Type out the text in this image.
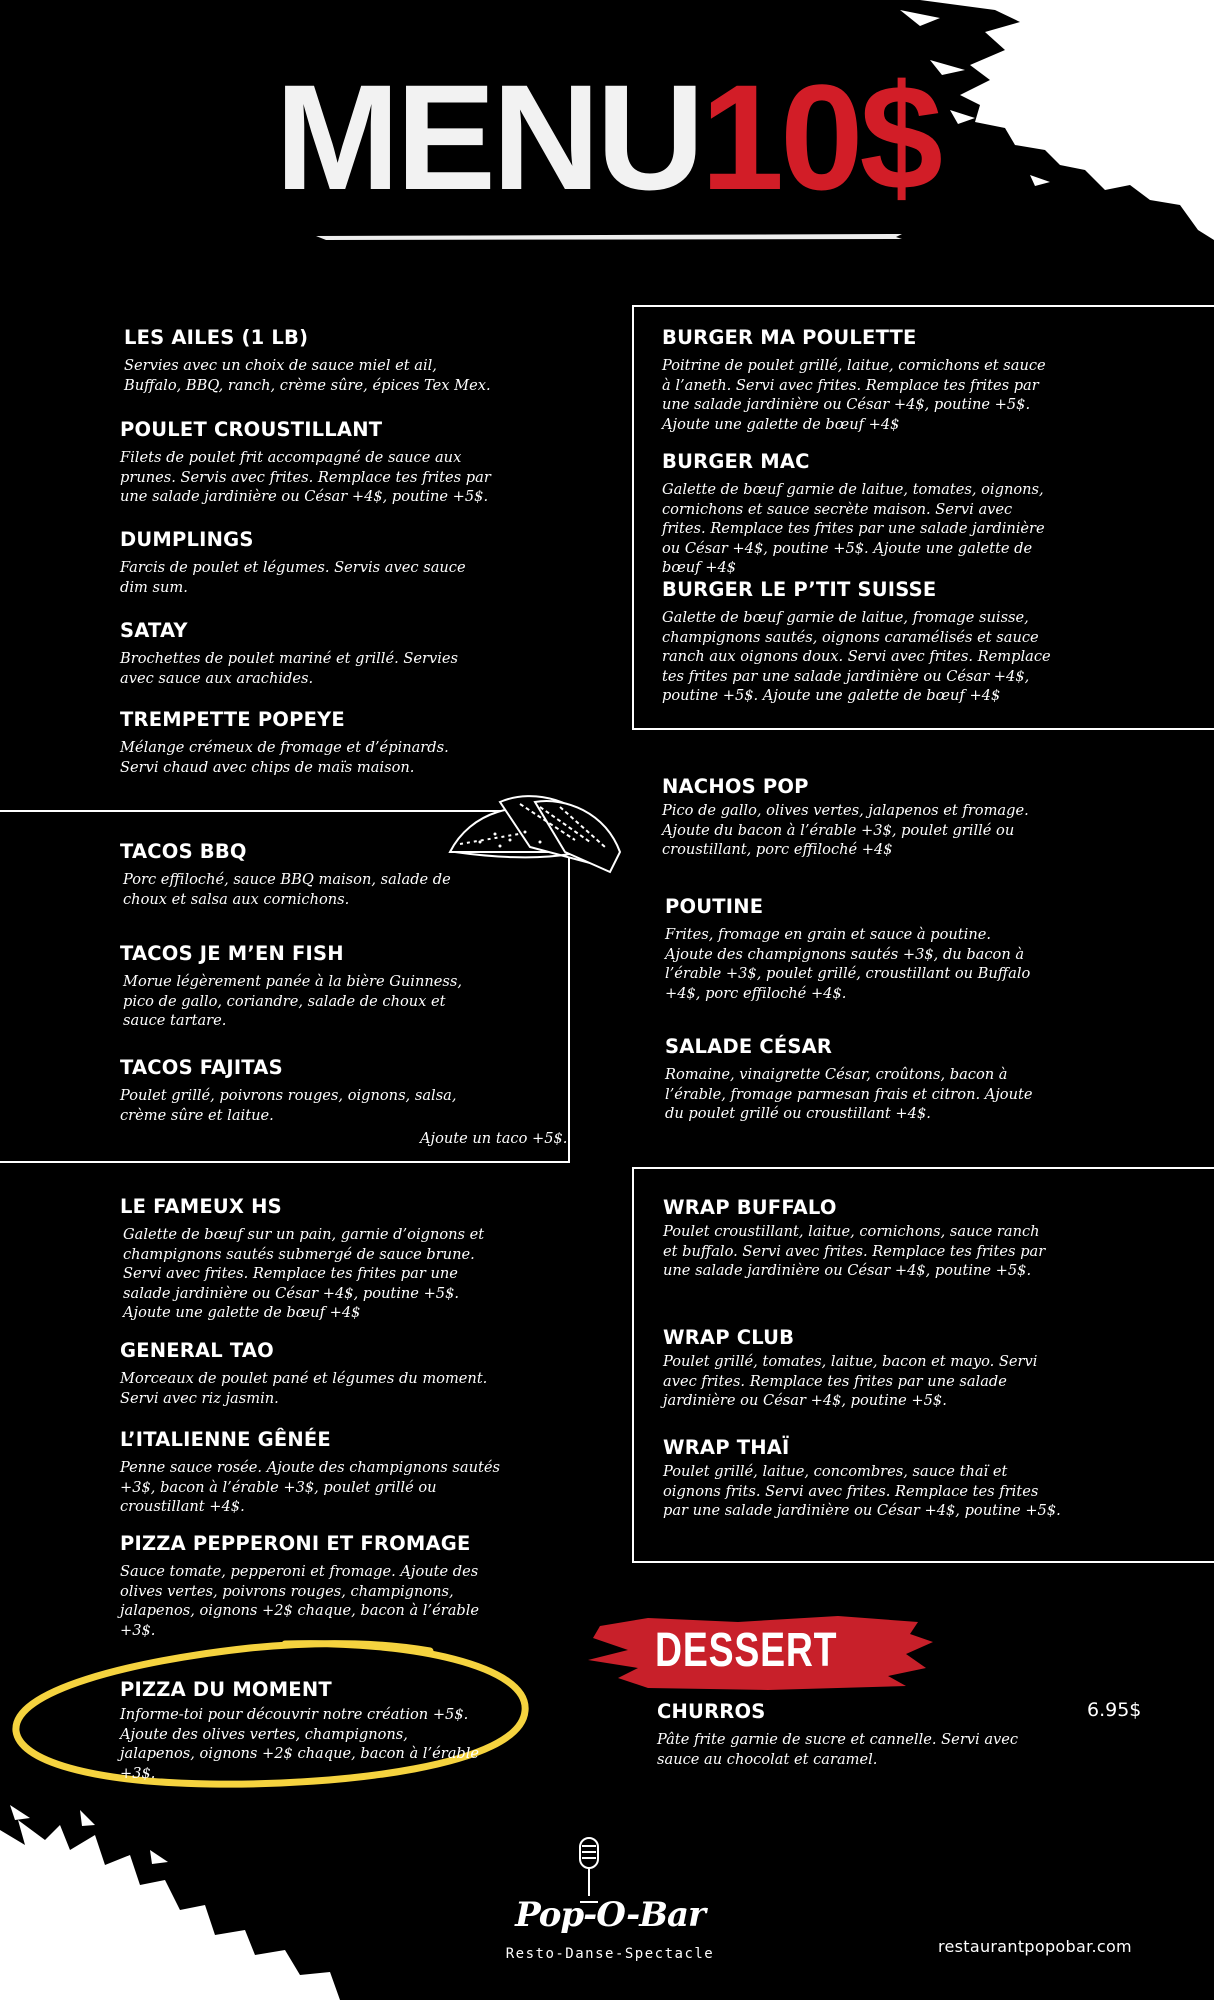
MENU10$
LES AILES (1 LB)

Servies avec un choix de sauce miel et ail, Buffalo, BBQ, ranch, crème sûre, épices Tex Mex.

POULET CROUSTILLANT

Filets de poulet frit accompagné de sauce aux prunes. Servis avec frites. Remplace tes frites par une salade jardinière ou César +4$, poutine +5$.

DUMPLINGS

Farcis de poulet et légumes. Servis avec sauce dim sum.

SATAY

Brochettes de poulet mariné et grillé. Servies avec sauce aux arachides.

TREMPETTE POPEYE

Mélange crémeux de fromage et d’épinards. Servi chaud avec chips de maïs maison.

TACOS BBQ

Porc effiloché, sauce BBQ maison, salade de choux et salsa aux cornichons.

TACOS JE M’EN FISH

Morue légèrement panée à la bière Guinness, pico de gallo, coriandre, salade de choux et sauce tartare.

TACOS FAJITAS

Poulet grillé, poivrons rouges, oignons, salsa, crème sûre et laitue.

Ajoute un taco +5$.
LE FAMEUX HS

Galette de bœuf sur un pain, garnie d’oignons et champignons sautés submergé de sauce brune. Servi avec frites. Remplace tes frites par une salade jardinière ou César +4$, poutine +5$. Ajoute une galette de bœuf +4$

GENERAL TAO

Morceaux de poulet pané et légumes du moment. Servi avec riz jasmin.

L’ITALIENNE GÊNÉE

Penne sauce rosée. Ajoute des champignons sautés +3$, bacon à l’érable +3$, poulet grillé ou croustillant +4$.

PIZZA PEPPERONI ET FROMAGE

Sauce tomate, pepperoni et fromage. Ajoute des olives vertes, poivrons rouges, champignons, jalapenos, oignons +2$ chaque, bacon à l’érable +3$.

PIZZA DU MOMENT

Informe-toi pour découvrir notre création +5$. Ajoute des olives vertes, champignons, jalapenos, oignons +2$ chaque, bacon à l’érable +3$.

BURGER MA POULETTE

Poitrine de poulet grillé, laitue, cornichons et sauce à l’aneth. Servi avec frites. Remplace tes frites par une salade jardinière ou César +4$, poutine +5$. Ajoute une galette de bœuf +4$

BURGER MAC

Galette de bœuf garnie de laitue, tomates, oignons, cornichons et sauce secrète maison. Servi avec frites. Remplace tes frites par une salade jardinière ou César +4$, poutine +5$. Ajoute une galette de bœuf +4$

BURGER LE P’TIT SUISSE

Galette de bœuf garnie de laitue, fromage suisse, champignons sautés, oignons caramélisés et sauce ranch aux oignons doux. Servi avec frites. Remplace tes frites par une salade jardinière ou César +4$, poutine +5$. Ajoute une galette de bœuf +4$

NACHOS POP

Pico de gallo, olives vertes, jalapenos et fromage. Ajoute du bacon à l’érable +3$, poulet grillé ou croustillant, porc effiloché +4$

POUTINE

Frites, fromage en grain et sauce à poutine. Ajoute des champignons sautés +3$, du bacon à l’érable +3$, poulet grillé, croustillant ou Buffalo +4$, porc effiloché +4$.

SALADE CÉSAR

Romaine, vinaigrette César, croûtons, bacon à l’érable, fromage parmesan frais et citron. Ajoute du poulet grillé ou croustillant +4$.

WRAP BUFFALO

Poulet croustillant, laitue, cornichons, sauce ranch et buffalo. Servi avec frites. Remplace tes frites par une salade jardinière ou César +4$, poutine +5$.

WRAP CLUB

Poulet grillé, tomates, laitue, bacon et mayo. Servi avec frites. Remplace tes frites par une salade jardinière ou César +4$, poutine +5$.

WRAP THAÏ

Poulet grillé, laitue, concombres, sauce thaï et oignons frits. Servi avec frites. Remplace tes frites par une salade jardinière ou César +4$, poutine +5$.

DESSERT
CHURROS

Pâte frite garnie de sucre et cannelle. Servi avec sauce au chocolat et caramel.

6.95$
Pop-O-Bar
Resto-Danse-Spectacle	restaurantpopobar.com
